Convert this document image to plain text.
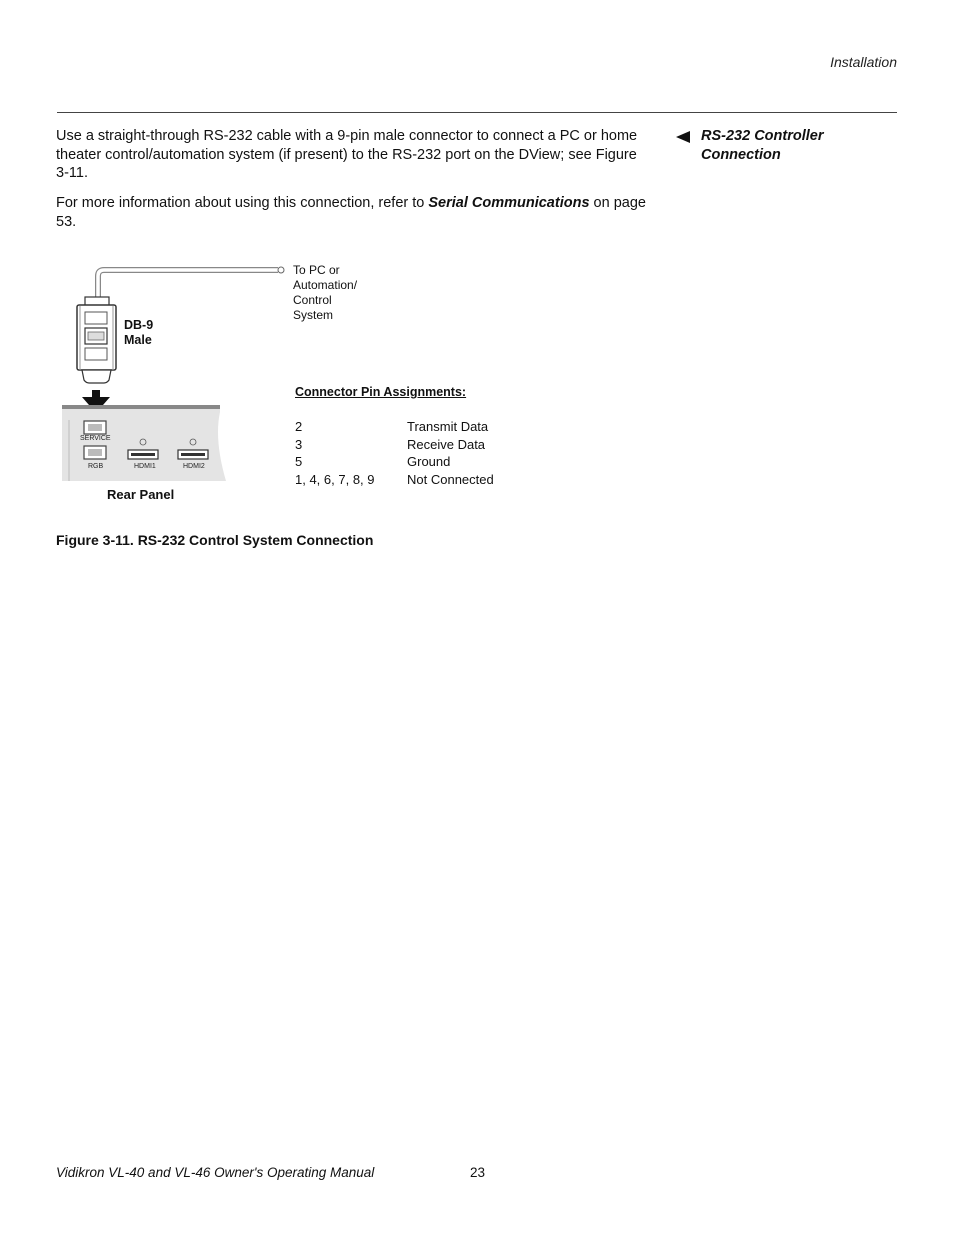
Installation
Use a straight-through RS-232 cable with a 9-pin male connector to connect a PC or home theater control/automation system (if present) to the RS-232 port on the DView; see Figure 3-11.
For more information about using this connection, refer to Serial Communications on page 53.
RS-232 Controller
Connection
SERVICE
RGB	HDMI1	HDMI2
To PC or
Automation/
Control
System
DB-9
Male
Rear Panel
Connector Pin Assignments:
2	Transmit Data
3	Receive Data
5	Ground
1, 4, 6, 7, 8, 9	Not Connected
Figure 3-11. RS-232 Control System Connection
Vidikron VL-40 and VL-46 Owner's Operating Manual	23
